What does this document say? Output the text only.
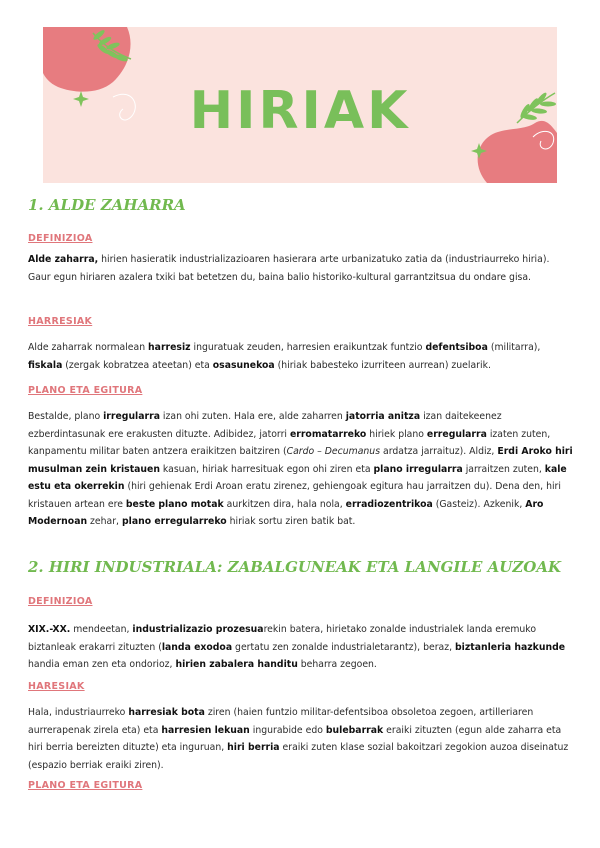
HIRIAK
1. ALDE ZAHARRA
DEFINIZIOA
Alde zaharra, hirien hasieratik industrializazioaren hasierara arte urbanizatuko zatia da (industriaurreko hiria). Gaur egun hiriaren azalera txiki bat betetzen du, baina balio historiko-kultural garrantzitsua du ondare gisa.
HARRESIAK
Alde zaharrak normalean harresiz inguratuak zeuden, harresien eraikuntzak funtzio defentsiboa (militarra), fiskala (zergak kobratzea ateetan) eta osasunekoa (hiriak babesteko izurriteen aurrean) zuelarik.
PLANO ETA EGITURA
Bestalde, plano irregularra izan ohi zuten. Hala ere, alde zaharren jatorria anitza izan daitekeenez ezberdintasunak ere erakusten dituzte. Adibidez, jatorri erromatarreko hiriek plano erregularra izaten zuten, kanpamentu militar baten antzera eraikitzen baitziren (Cardo – Decumanus ardatza jarraituz). Aldiz, Erdi Aroko hiri musulman zein kristauen kasuan, hiriak harresituak egon ohi ziren eta plano irregularra jarraitzen zuten, kale estu eta okerrekin (hiri gehienak Erdi Aroan eratu zirenez, gehiengoak egitura hau jarraitzen du). Dena den, hiri kristauen artean ere beste plano motak aurkitzen dira, hala nola, erradiozentrikoa (Gasteiz). Azkenik, Aro Modernoan zehar, plano erregularreko hiriak sortu ziren batik bat.
2. HIRI INDUSTRIALA: ZABALGUNEAK ETA LANGILE AUZOAK
DEFINIZIOA
XIX.-XX. mendeetan, industrializazio prozesuarekin batera, hirietako zonalde industrialek landa eremuko biztanleak erakarri zituzten (landa exodoa gertatu zen zonalde industrialetarantz), beraz, biztanleria hazkunde handia eman zen eta ondorioz, hirien zabalera handitu beharra zegoen.
HARESIAK
Hala, industriaurreko harresiak bota ziren (haien funtzio militar-defentsiboa obsoletoa zegoen, artilleriaren aurrerapenak zirela eta) eta harresien lekuan ingurabide edo bulebarrak eraiki zituzten (egun alde zaharra eta hiri berria bereizten dituzte) eta inguruan, hiri berria eraiki zuten klase sozial bakoitzari zegokion auzoa diseinatuz (espazio berriak eraiki ziren).
PLANO ETA EGITURA
